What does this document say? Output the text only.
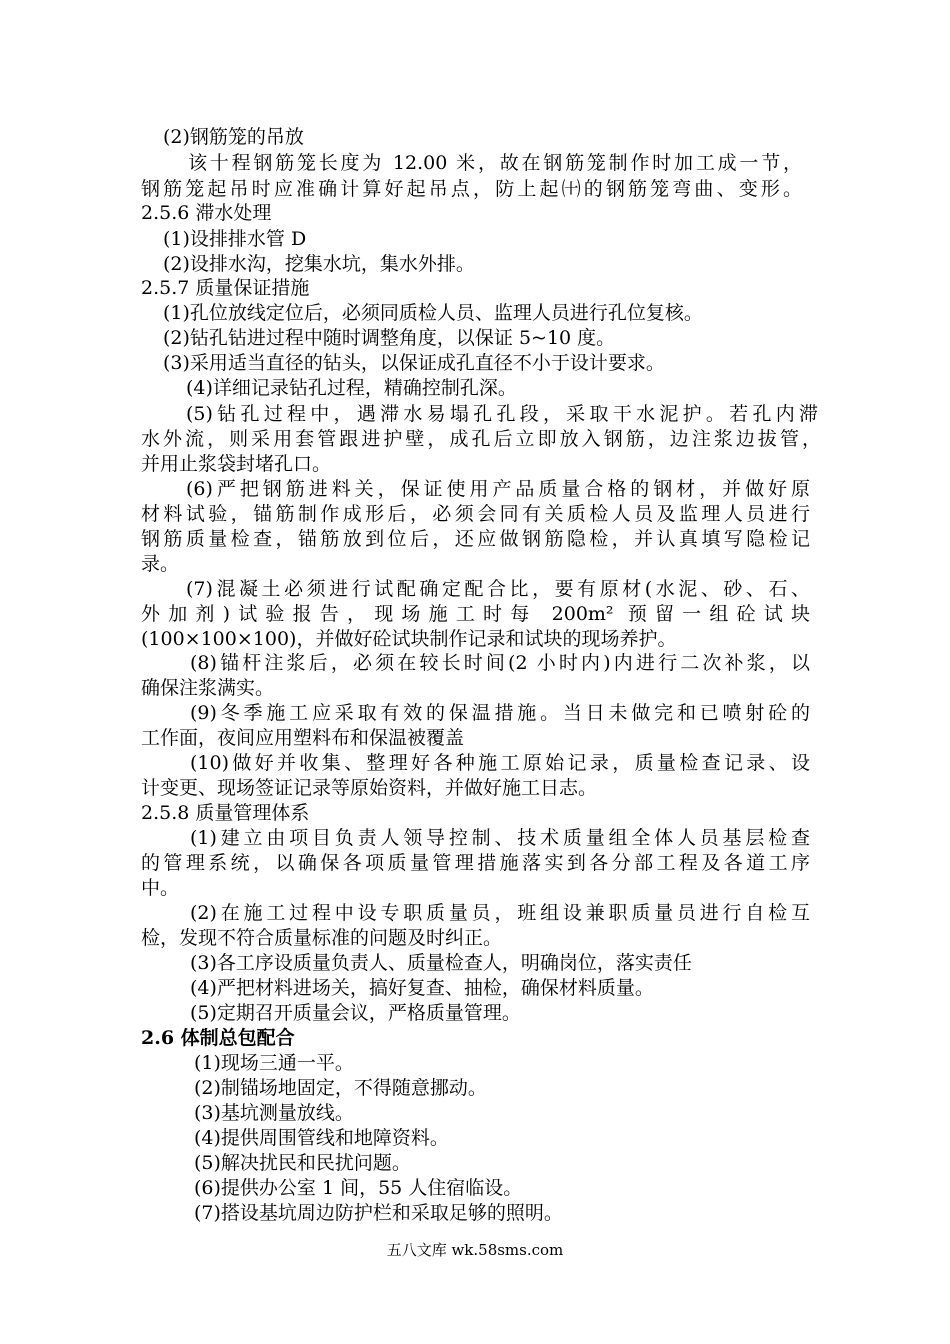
(2)钢筋笼的吊放
该十程钢筋笼长度为 12.00 米，故在钢筋笼制作时加工成一节，
钢筋笼起吊时应准确计算好起吊点，防上起㈩的钢筋笼弯曲、变形。
2.5.6 滞水处理
(1)设排排水管 D
(2)设排水沟，挖集水坑，集水外排。
2.5.7 质量保证措施
(1)孔位放线定位后，必须同质检人员、监理人员进行孔位复核。
(2)钻孔钻进过程中随时调整角度，以保证 5~10 度。
(3)采用适当直径的钻头，以保证成孔直径不小于设计要求。
(4)详细记录钻孔过程，精确控制孔深。
(5)钻孔过程中，遇滞水易塌孔孔段，采取干水泥护。若孔内滞
水外流，则采用套管跟进护壁，成孔后立即放入钢筋，边注浆边拔管，
并用止浆袋封堵孔口。
(6)严把钢筋进料关，保证使用产品质量合格的钢材，并做好原
材料试验，锚筋制作成形后，必须会同有关质检人员及监理人员进行
钢筋质量检查，锚筋放到位后，还应做钢筋隐检，并认真填写隐检记
录。
(7)混凝土必须进行试配确定配合比，要有原材(水泥、砂、石、
外加剂)试验报告，现场施工时每 200m² 预留一组砼试块
(100×100×100)，并做好砼试块制作记录和试块的现场养护。
(8)锚杆注浆后，必须在较长时间(2 小时内)内进行二次补浆，以
确保注浆满实。
(9)冬季施工应采取有效的保温措施。当日未做完和已喷射砼的
工作面，夜间应用塑料布和保温被覆盖
(10)做好并收集、整理好各种施工原始记录，质量检查记录、设
计变更、现场签证记录等原始资料，并做好施工日志。
2.5.8 质量管理体系
(1)建立由项目负责人领导控制、技术质量组全体人员基层检查
的管理系统，以确保各项质量管理措施落实到各分部工程及各道工序
中。
(2)在施工过程中设专职质量员，班组设兼职质量员进行自检互
检，发现不符合质量标准的问题及时纠正。
(3)各工序设质量负责人、质量检查人，明确岗位，落实责任
(4)严把材料进场关，搞好复查、抽检，确保材料质量。
(5)定期召开质量会议，严格质量管理。
2.6 体制总包配合
(1)现场三通一平。
(2)制锚场地固定，不得随意挪动。
(3)基坑测量放线。
(4)提供周围管线和地障资料。
(5)解决扰民和民扰问题。
(6)提供办公室 1 间，55 人住宿临设。
(7)搭设基坑周边防护栏和采取足够的照明。
五八文库 wk.58sms.com
